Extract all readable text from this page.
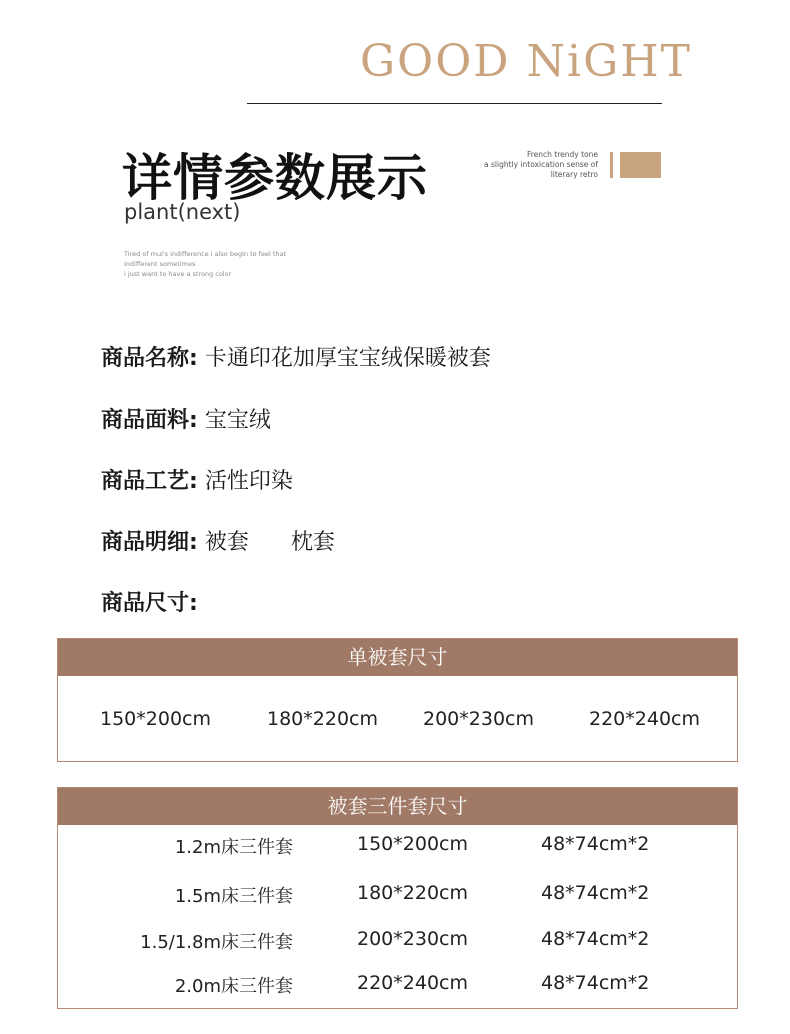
GOOD NiGHT
详情参数展示
plant(next)
Tired of mui's indifference i also begin to feel that
indifferent sometimes
i just want to have a strong color
French trendy tone
a slightly intoxication sense of
literary retro
商品名称: 卡通印花加厚宝宝绒保暖被套
商品面料: 宝宝绒
商品工艺: 活性印染
商品明细: 被套 枕套
商品尺寸:
单被套尺寸
150*200cm	180*220cm 200*230cm	220*240cm
被套三件套尺寸
1.2m床三件套	150*200cm	48*74cm*2
1.5m床三件套	180*220cm	48*74cm*2
1.5/1.8m床三件套	200*230cm	48*74cm*2
2.0m床三件套	220*240cm	48*74cm*2
